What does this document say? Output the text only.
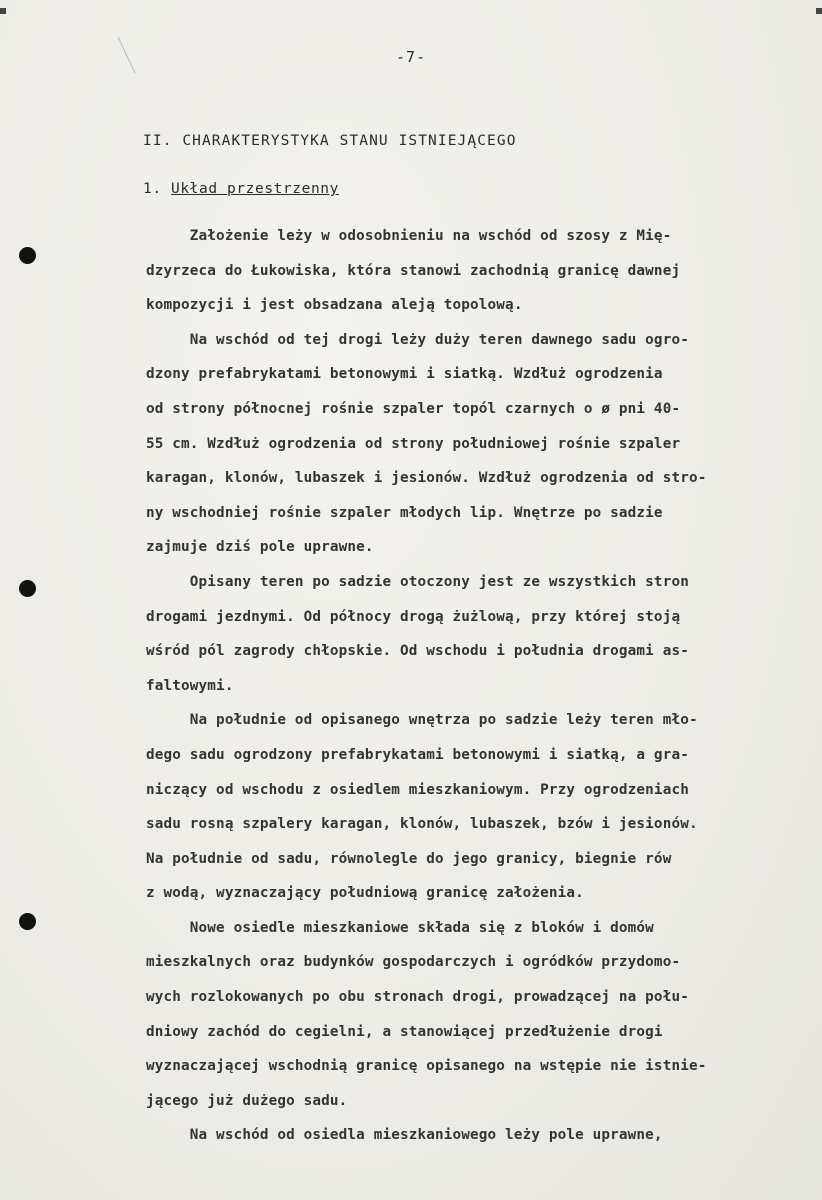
-7-
II. CHARAKTERYSTYKA STANU ISTNIEJĄCEGO
1. Układ przestrzenny
Założenie leży w odosobnieniu na wschód od szosy z Mię-
dzyrzeca do Łukowiska, która stanowi zachodnią granicę dawnej
kompozycji i jest obsadzana aleją topolową.
Na wschód od tej drogi leży duży teren dawnego sadu ogro-
dzony prefabrykatami betonowymi i siatką. Wzdłuż ogrodzenia
od strony północnej rośnie szpaler topól czarnych o ø pni 40-
55 cm. Wzdłuż ogrodzenia od strony południowej rośnie szpaler
karagan, klonów, lubaszek i jesionów. Wzdłuż ogrodzenia od stro-
ny wschodniej rośnie szpaler młodych lip. Wnętrze po sadzie
zajmuje dziś pole uprawne.
Opisany teren po sadzie otoczony jest ze wszystkich stron
drogami jezdnymi. Od północy drogą żużlową, przy której stoją
wśród pól zagrody chłopskie. Od wschodu i południa drogami as-
faltowymi.
Na południe od opisanego wnętrza po sadzie leży teren mło-
dego sadu ogrodzony prefabrykatami betonowymi i siatką, a gra-
niczący od wschodu z osiedlem mieszkaniowym. Przy ogrodzeniach
sadu rosną szpalery karagan, klonów, lubaszek, bzów i jesionów.
Na południe od sadu, równolegle do jego granicy, biegnie rów
z wodą, wyznaczający południową granicę założenia.
Nowe osiedle mieszkaniowe składa się z bloków i domów
mieszkalnych oraz budynków gospodarczych i ogródków przydomo-
wych rozlokowanych po obu stronach drogi, prowadzącej na połu-
dniowy zachód do cegielni, a stanowiącej przedłużenie drogi
wyznaczającej wschodnią granicę opisanego na wstępie nie istnie-
jącego już dużego sadu.
Na wschód od osiedla mieszkaniowego leży pole uprawne,
